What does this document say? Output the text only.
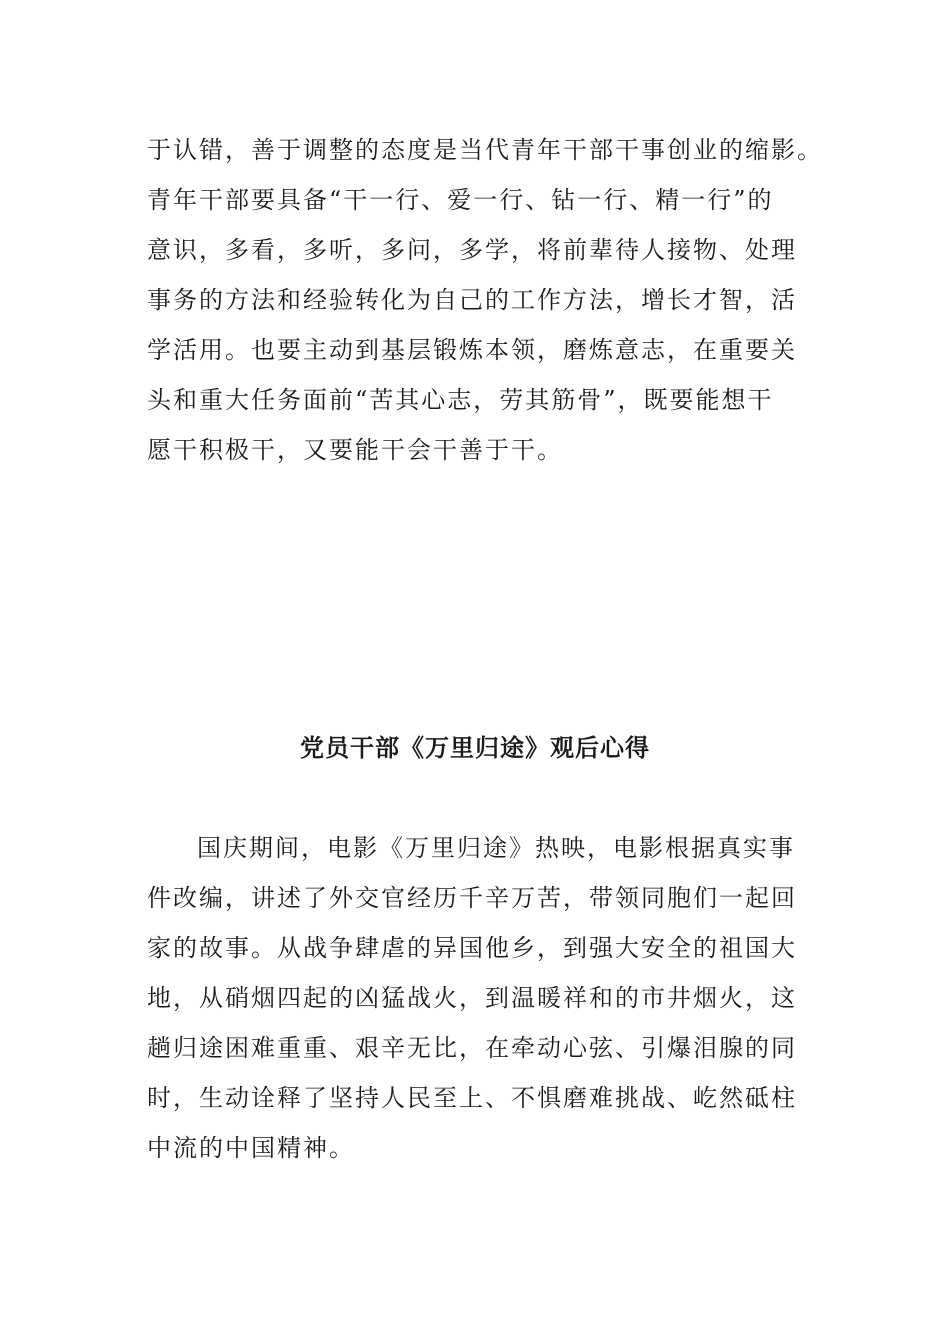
于认错，善于调整的态度是当代青年干部干事创业的缩影。
青年干部要具备“干一行、爱一行、钻一行、精一行”的
意识，多看，多听，多问，多学，将前辈待人接物、处理
事务的方法和经验转化为自己的工作方法，增长才智，活
学活用。也要主动到基层锻炼本领，磨炼意志，在重要关
头和重大任务面前“苦其心志，劳其筋骨”，既要能想干
愿干积极干，又要能干会干善于干。
党员干部《万里归途》观后心得
国庆期间，电影《万里归途》热映，电影根据真实事
件改编，讲述了外交官经历千辛万苦，带领同胞们一起回
家的故事。从战争肆虐的异国他乡，到强大安全的祖国大
地，从硝烟四起的凶猛战火，到温暖祥和的市井烟火，这
趟归途困难重重、艰辛无比，在牵动心弦、引爆泪腺的同
时，生动诠释了坚持人民至上、不惧磨难挑战、屹然砥柱
中流的中国精神。
